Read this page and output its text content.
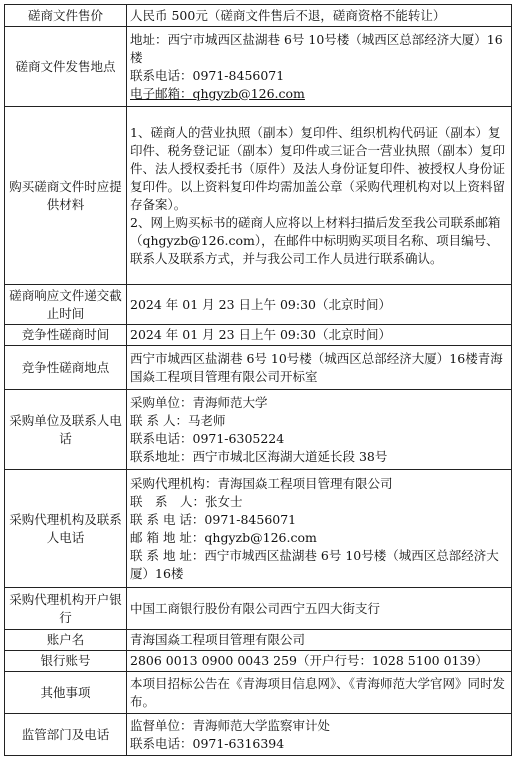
磋商文件售价	人民币 500元（磋商文件售后不退，磋商资格不能转让）

磋商文件发售地点	地址：西宁市城西区盐湖巷 6号 10号楼（城西区总部经济大厦）16楼
联系电话：0971-8456071
电子邮箱：qhgyzb@126.com

购买磋商文件时应提供材料	1、磋商人的营业执照（副本）复印件、组织机构代码证（副本）复印件、税务登记证（副本）复印件或三证合一营业执照（副本）复印件、法人授权委托书（原件）及法人身份证复印件、被授权人身份证复印件。以上资料复印件均需加盖公章（采购代理机构对以上资料留存备案）。
2、网上购买标书的磋商人应将以上材料扫描后发至我公司联系邮箱（qhgyzb@126.com），在邮件中标明购买项目名称、项目编号、联系人及联系方式，并与我公司工作人员进行联系确认。

磋商响应文件递交截止时间	2024 年 01 月 23 日上午 09:30（北京时间）

竞争性磋商时间	2024 年 01 月 23 日上午 09:30（北京时间）

竞争性磋商地点	西宁市城西区盐湖巷 6号 10号楼（城西区总部经济大厦）16楼青海国焱工程项目管理有限公司开标室

采购单位及联系人电话	采购单位：青海师范大学
联 系 人：马老师
联系电话：0971-6305224
联系地址：西宁市城北区海湖大道延长段 38号

采购代理机构及联系人电话	采购代理机构：青海国焱工程项目管理有限公司
联　系　人：张女士
联 系 电 话：0971-8456071
邮 箱 地 址：qhgyzb@126.com
联 系 地 址：西宁市城西区盐湖巷 6号 10号楼（城西区总部经济大厦）16楼

采购代理机构开户银行	中国工商银行股份有限公司西宁五四大街支行

账户名	青海国焱工程项目管理有限公司

银行账号	2806 0013 0900 0043 259（开户行号：1028 5100 0139）

其他事项	本项目招标公告在《青海项目信息网》、《青海师范大学官网》同时发布。

监管部门及电话	监督单位：青海师范大学监察审计处
联系电话：0971-6316394
